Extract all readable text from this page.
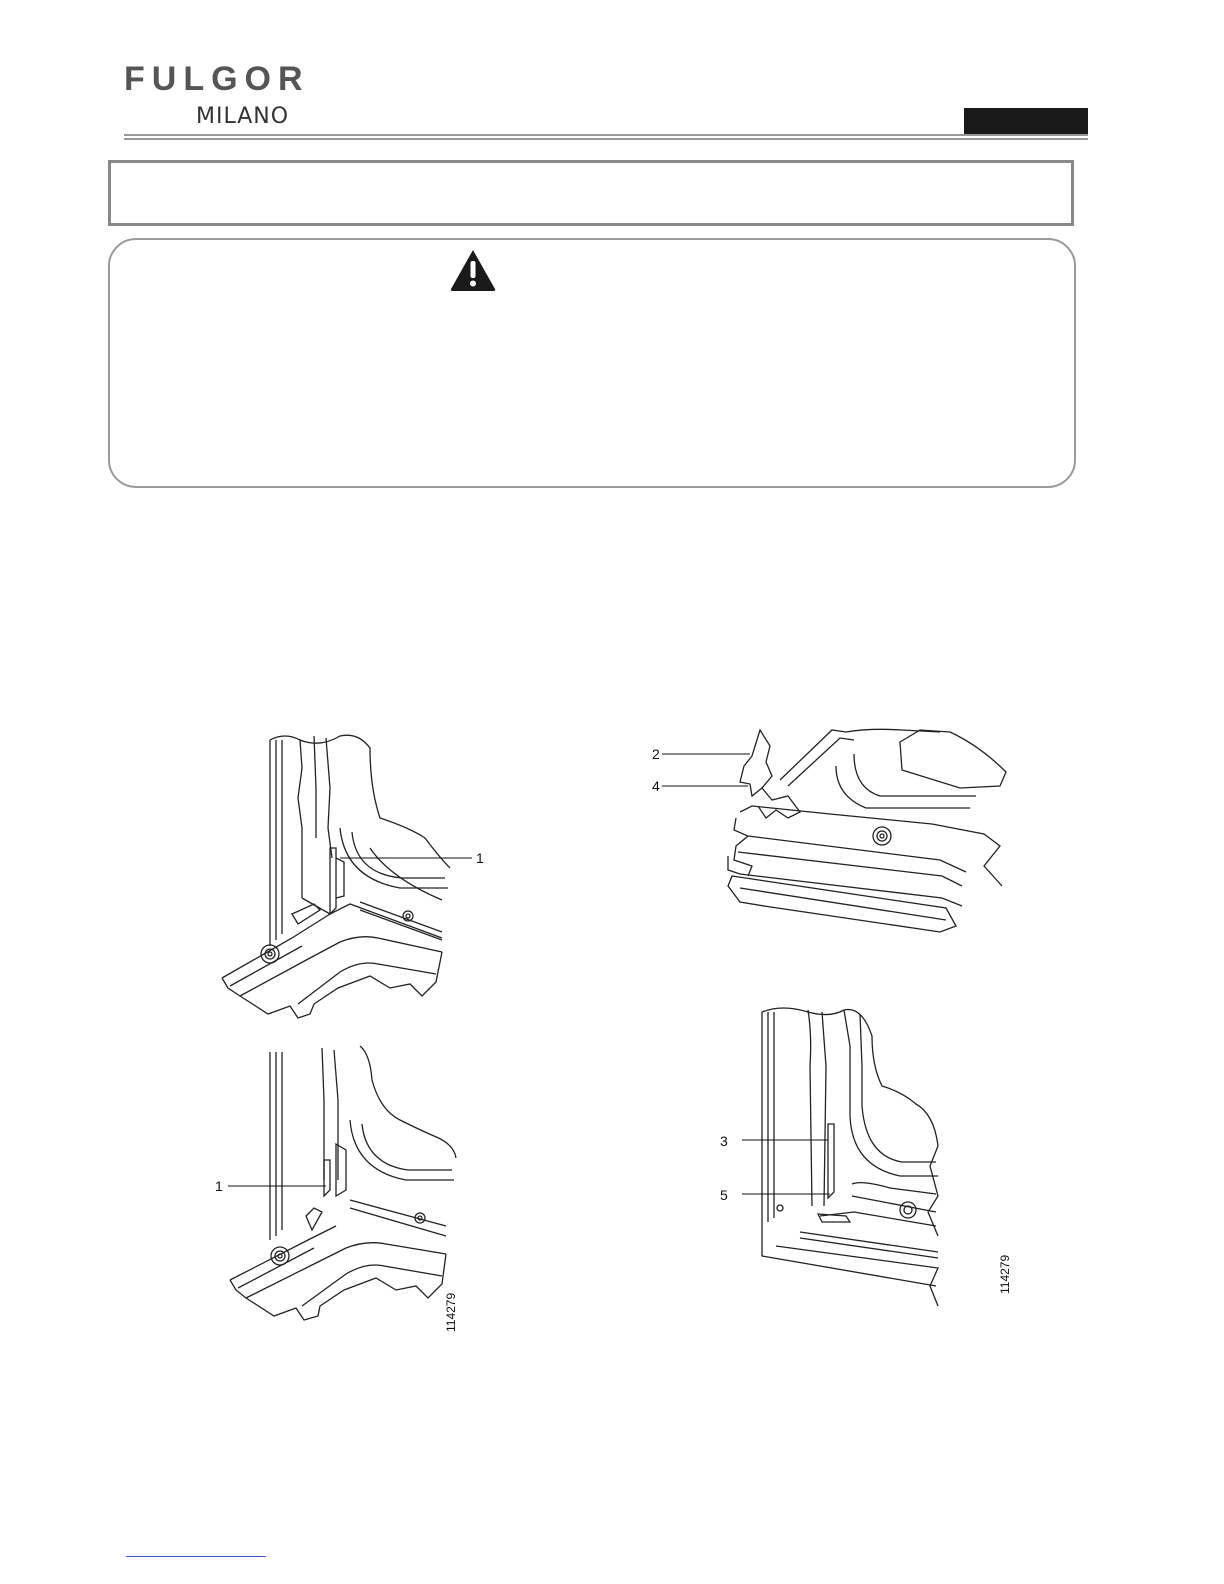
FULGOR
MILANO
1
1
114279
2
4
3
5
114279
